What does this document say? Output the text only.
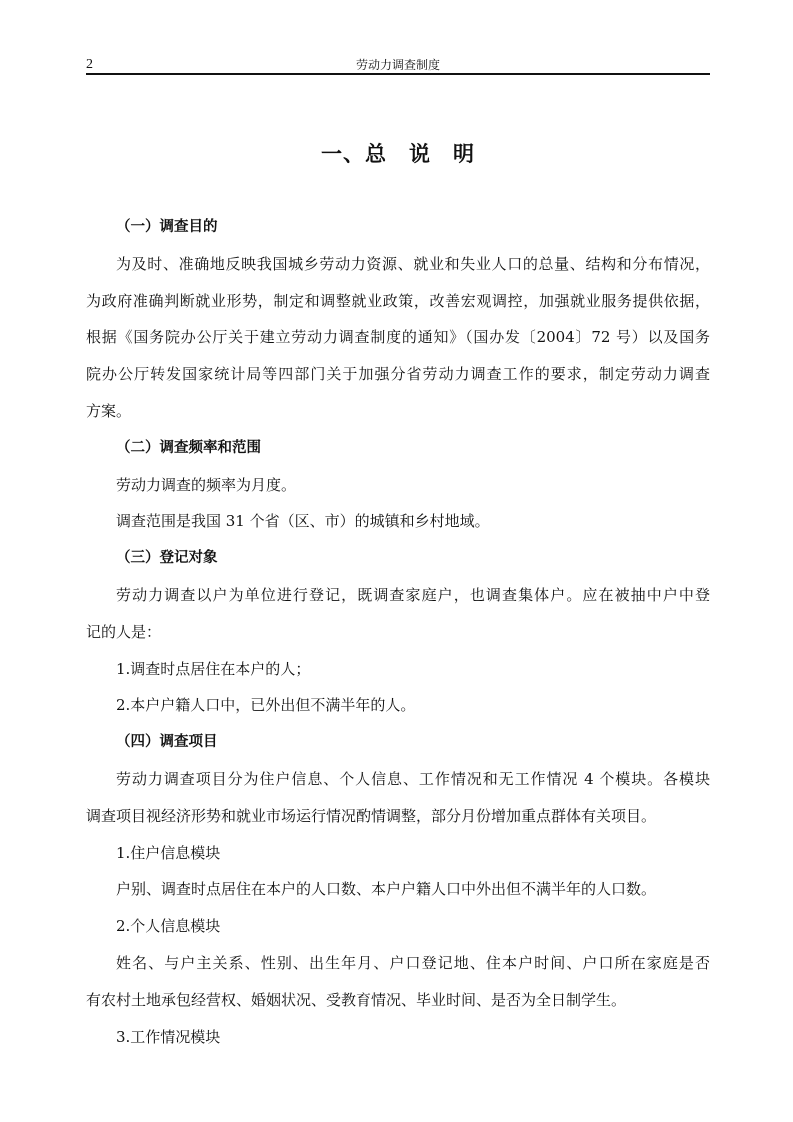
2	劳动力调查制度
一、总　说　明

（一）调查目的

为及时、准确地反映我国城乡劳动力资源、就业和失业人口的总量、结构和分布情况，

为政府准确判断就业形势，制定和调整就业政策，改善宏观调控，加强就业服务提供依据，

根据《国务院办公厅关于建立劳动力调查制度的通知》（国办发〔2004〕72 号）以及国务

院办公厅转发国家统计局等四部门关于加强分省劳动力调查工作的要求，制定劳动力调查

方案。

（二）调查频率和范围

劳动力调查的频率为月度。

调查范围是我国 31 个省（区、市）的城镇和乡村地域。

（三）登记对象

劳动力调查以户为单位进行登记，既调查家庭户，也调查集体户。应在被抽中户中登

记的人是：

1.调查时点居住在本户的人；

2.本户户籍人口中，已外出但不满半年的人。

（四）调查项目

劳动力调查项目分为住户信息、个人信息、工作情况和无工作情况 4 个模块。各模块

调查项目视经济形势和就业市场运行情况酌情调整，部分月份增加重点群体有关项目。

1.住户信息模块

户别、调查时点居住在本户的人口数、本户户籍人口中外出但不满半年的人口数。

2.个人信息模块

姓名、与户主关系、性别、出生年月、户口登记地、住本户时间、户口所在家庭是否

有农村土地承包经营权、婚姻状况、受教育情况、毕业时间、是否为全日制学生。

3.工作情况模块
